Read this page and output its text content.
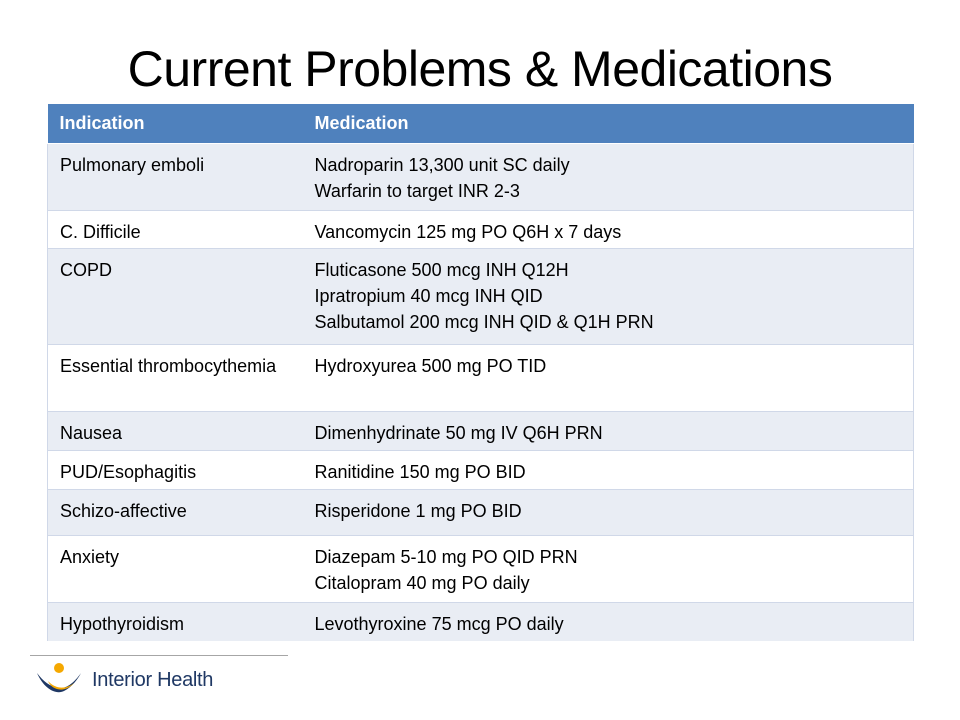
Current Problems & Medications
Indication	Medication
Pulmonary emboli	Nadroparin 13,300 unit SC daily
Warfarin to target INR 2-3

C. Difficile	Vancomycin 125 mg PO Q6H x 7 days

COPD	Fluticasone 500 mcg INH Q12H
Ipratropium 40 mcg INH QID
Salbutamol 200 mcg INH QID & Q1H PRN

Essential thrombocythemia	Hydroxyurea 500 mg PO TID

Nausea	Dimenhydrinate 50 mg IV Q6H PRN

PUD/Esophagitis	Ranitidine 150 mg PO BID

Schizo-affective	Risperidone 1 mg PO BID

Anxiety	Diazepam 5-10 mg PO QID PRN
Citalopram 40 mg PO daily

Hypothyroidism	Levothyroxine 75 mcg PO daily
Interior Health
